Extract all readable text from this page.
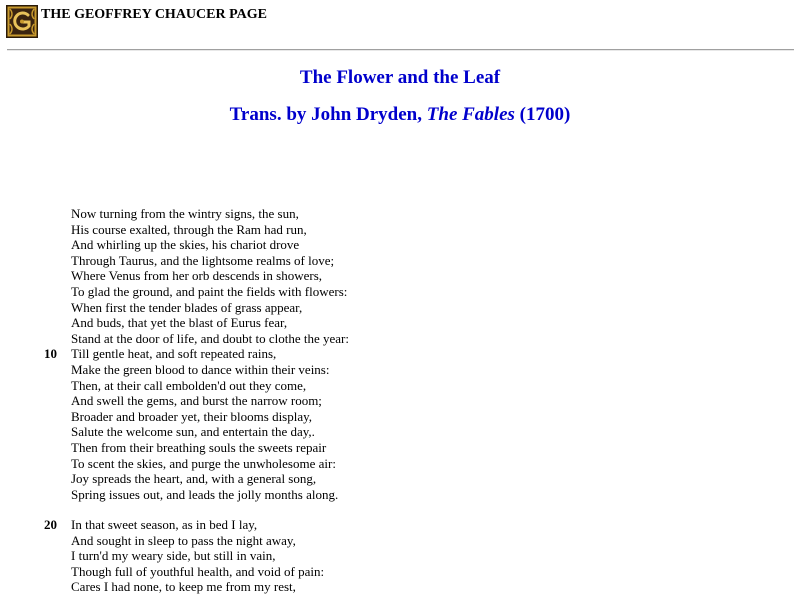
THE GEOFFREY CHAUCER PAGE
The Flower and the Leaf
Trans. by John Dryden, The Fables (1700)
Now turning from the wintry signs, the sun,
His course exalted, through the Ram had run,
And whirling up the skies, his chariot drove
Through Taurus, and the lightsome realms of love;
Where Venus from her orb descends in showers,
To glad the ground, and paint the fields with flowers:
When first the tender blades of grass appear,
And buds, that yet the blast of Eurus fear,
Stand at the door of life, and doubt to clothe the year:
10	Till gentle heat, and soft repeated rains,
Make the green blood to dance within their veins:
Then, at their call embolden'd out they come,
And swell the gems, and burst the narrow room;
Broader and broader yet, their blooms display,
Salute the welcome sun, and entertain the day,.
Then from their breathing souls the sweets repair
To scent the skies, and purge the unwholesome air:
Joy spreads the heart, and, with a general song,
Spring issues out, and leads the jolly months along.
20	In that sweet season, as in bed I lay,
And sought in sleep to pass the night away,
I turn'd my weary side, but still in vain,
Though full of youthful health, and void of pain:
Cares I had none, to keep me from my rest,
